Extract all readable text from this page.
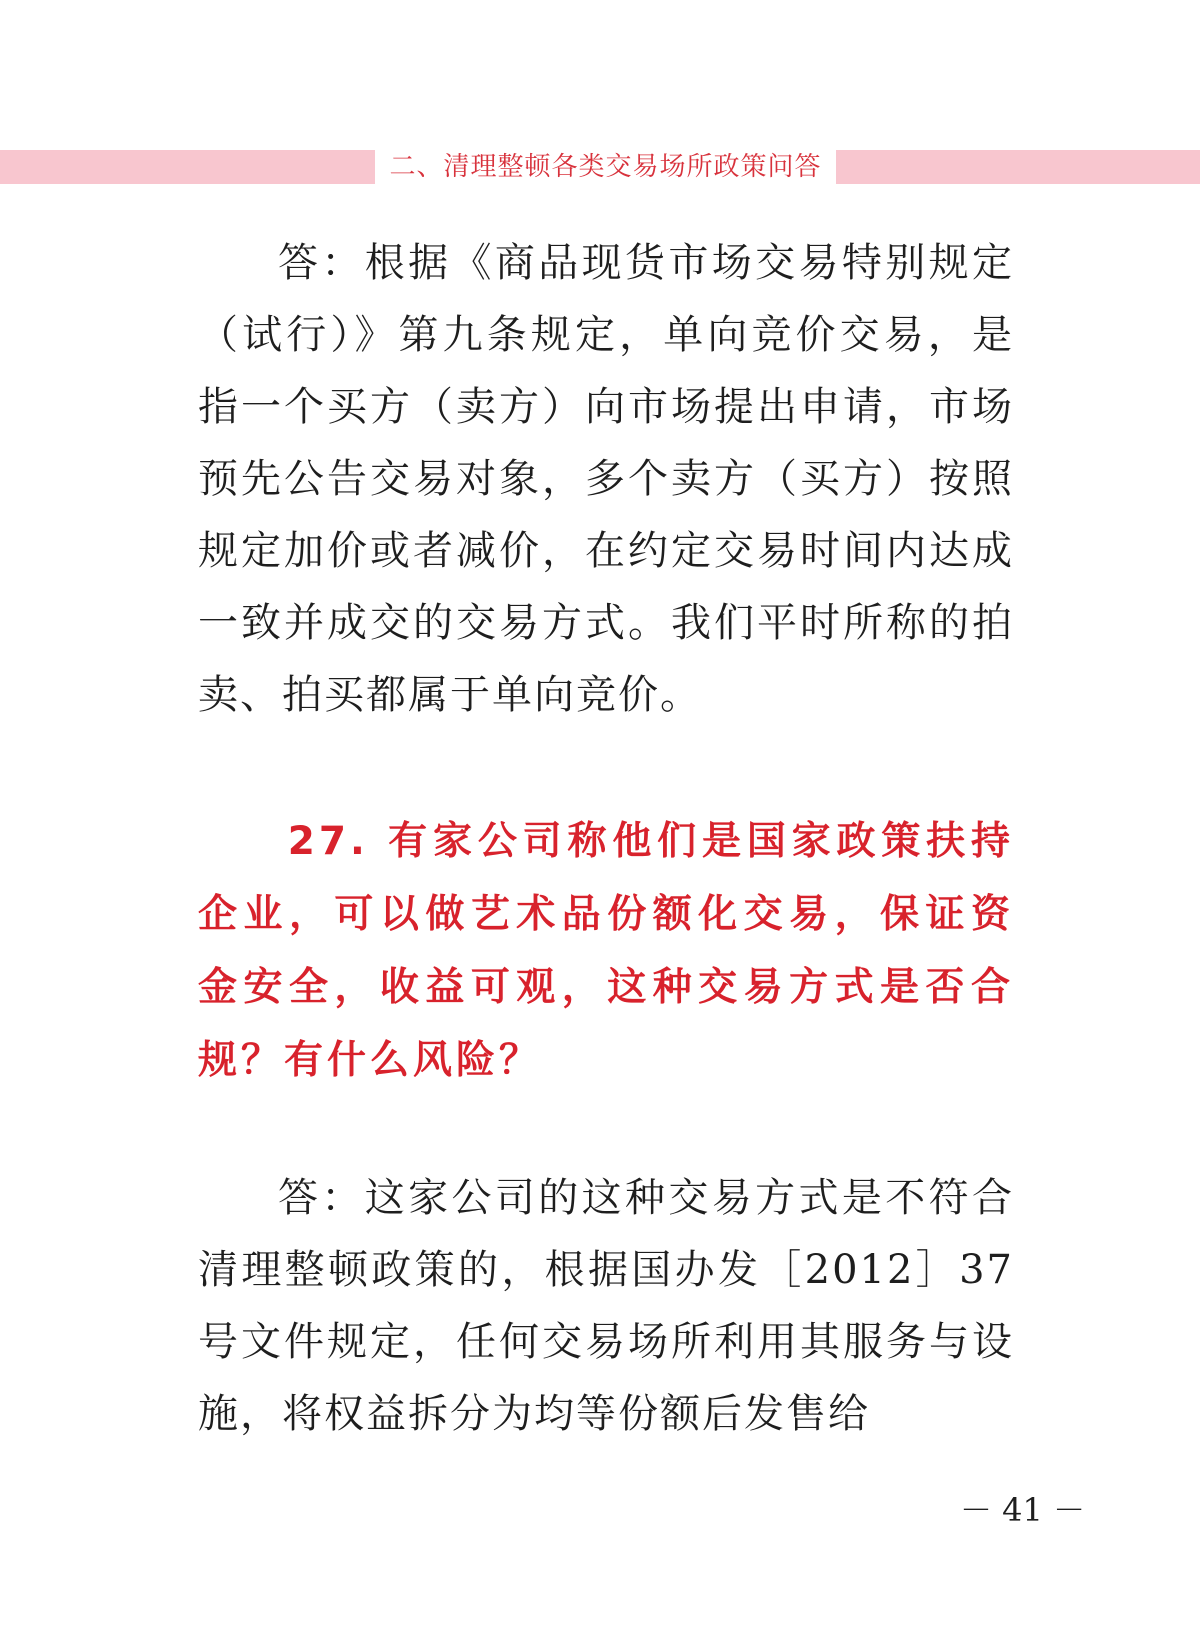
二、清理整顿各类交易场所政策问答

答：根据《商品现货市场交易特别规定（试行）》第九条规定，单向竞价交易，是指一个买方（卖方）向市场提出申请，市场预先公告交易对象，多个卖方（买方）按照规定加价或者减价，在约定交易时间内达成一致并成交的交易方式。我们平时所称的拍卖、拍买都属于单向竞价。

27. 有家公司称他们是国家政策扶持企业，可以做艺术品份额化交易，保证资金安全，收益可观，这种交易方式是否合规？有什么风险？

答：这家公司的这种交易方式是不符合清理整顿政策的，根据国办发［2012］37号文件规定，任何交易场所利用其服务与设施，将权益拆分为均等份额后发售给

－ 41 －
